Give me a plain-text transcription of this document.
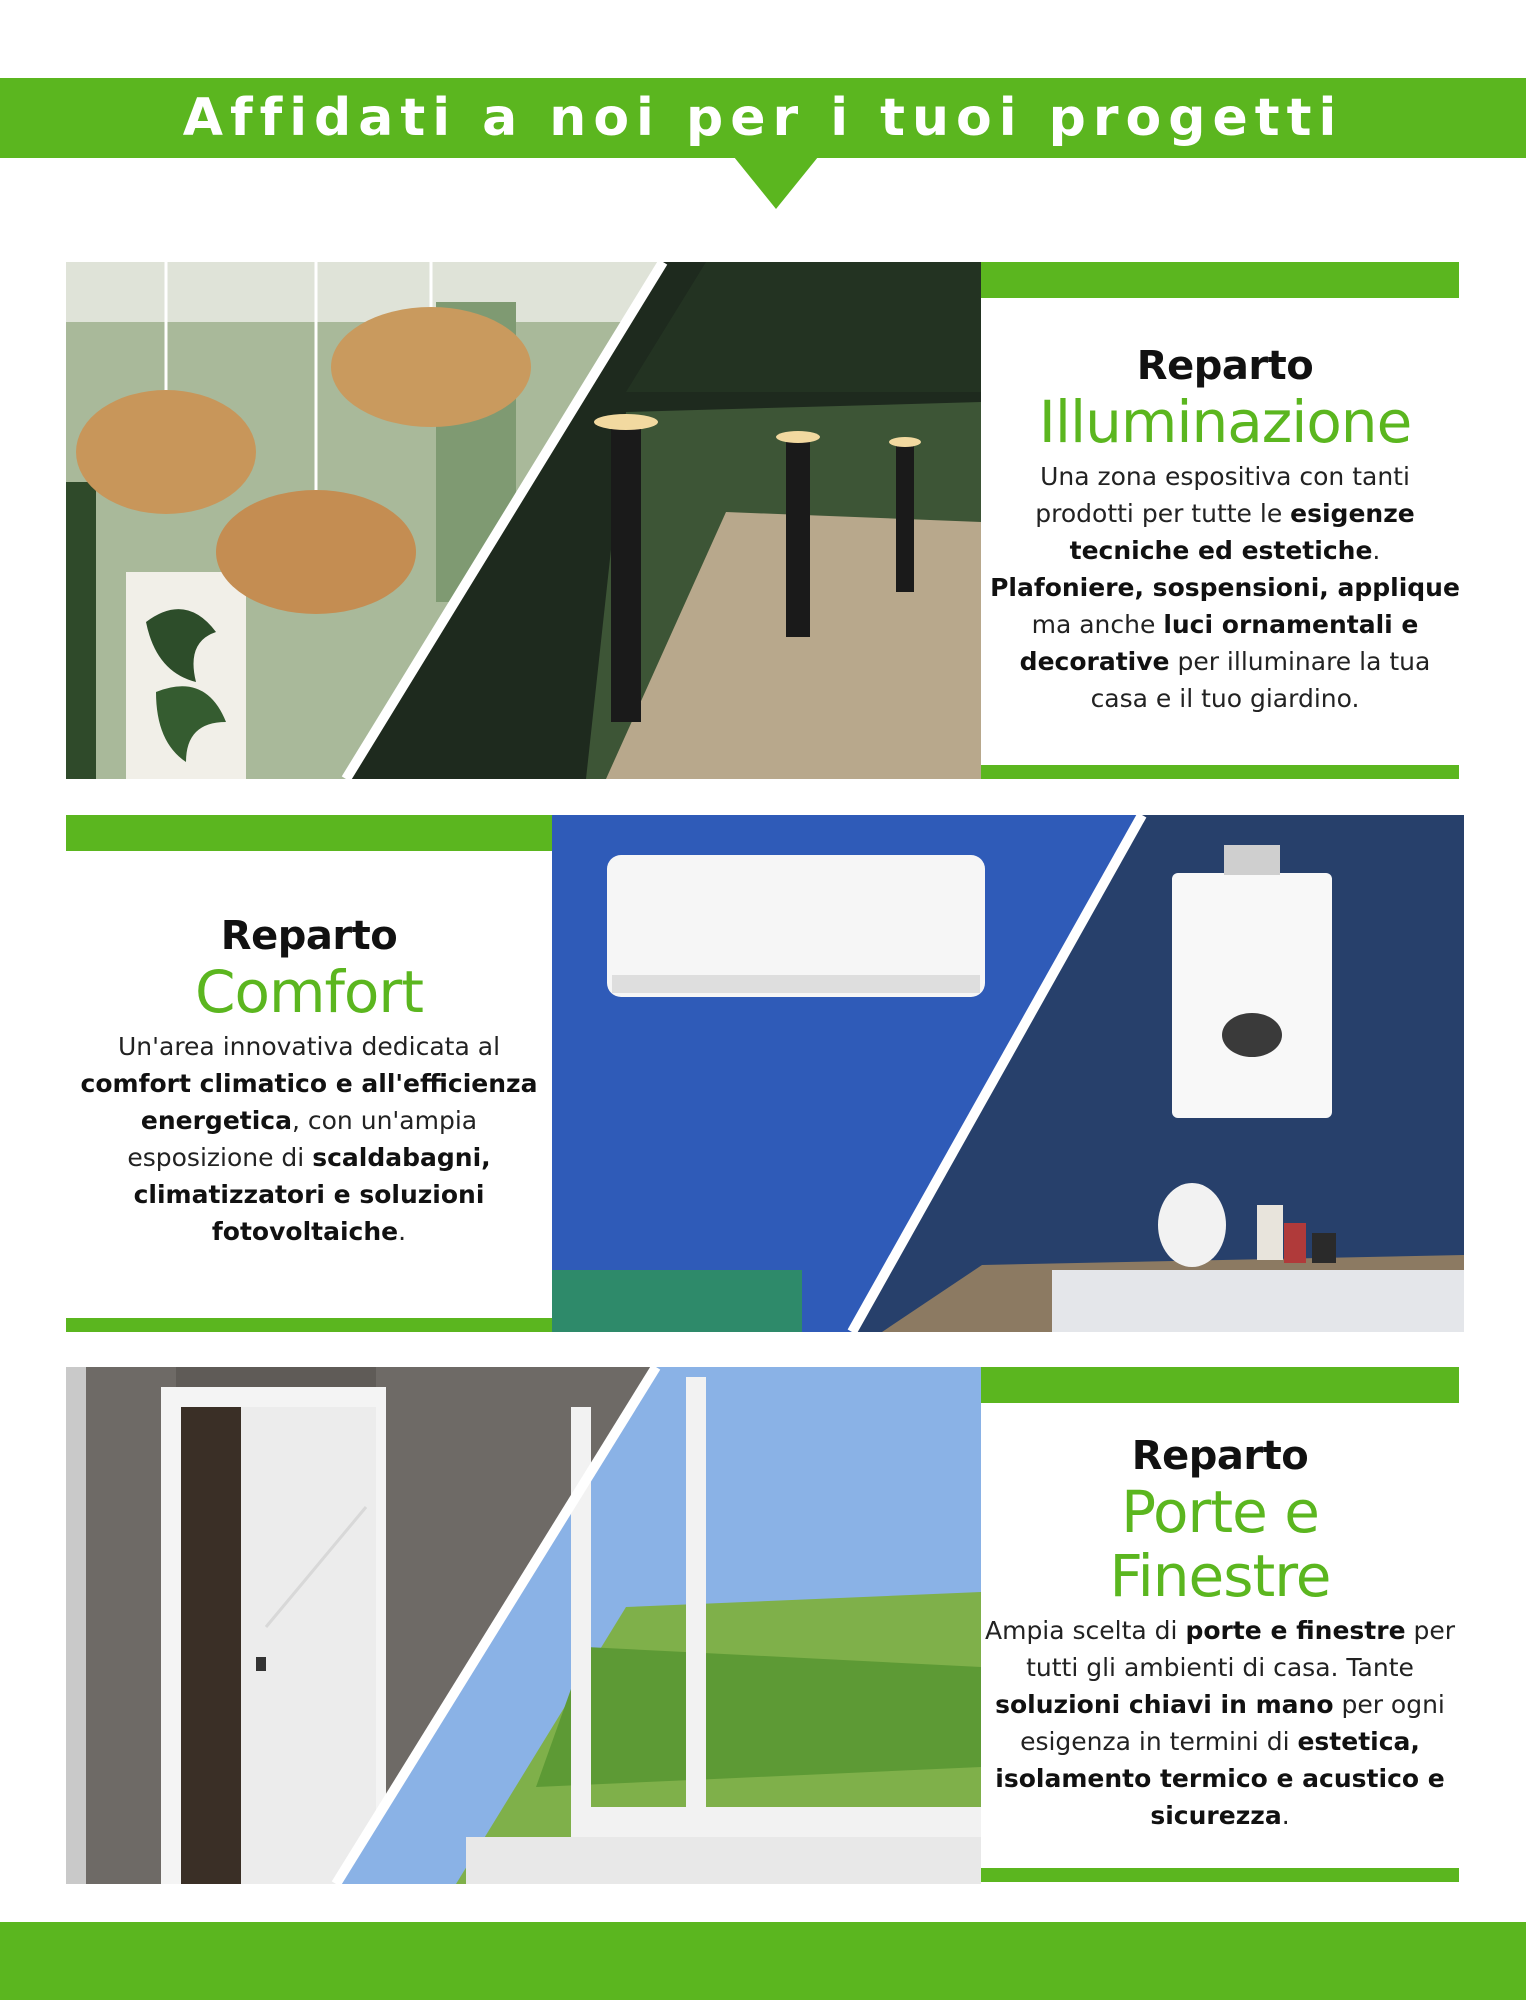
Affidati a noi per i tuoi progetti
Reparto
Illuminazione
Una zona espositiva con tanti prodotti per tutte le esigenze tecniche ed estetiche. Plafoniere, sospensioni, applique ma anche luci ornamentali e decorative per illuminare la tua casa e il tuo giardino.
Reparto
Comfort
Un'area innovativa dedicata al comfort climatico e all'efficienza energetica, con un'ampia esposizione di scaldabagni, climatizzatori e soluzioni fotovoltaiche.
Reparto
Porte e Finestre
Ampia scelta di porte e finestre per tutti gli ambienti di casa. Tante soluzioni chiavi in mano per ogni esigenza in termini di estetica, isolamento termico e acustico e sicurezza.
